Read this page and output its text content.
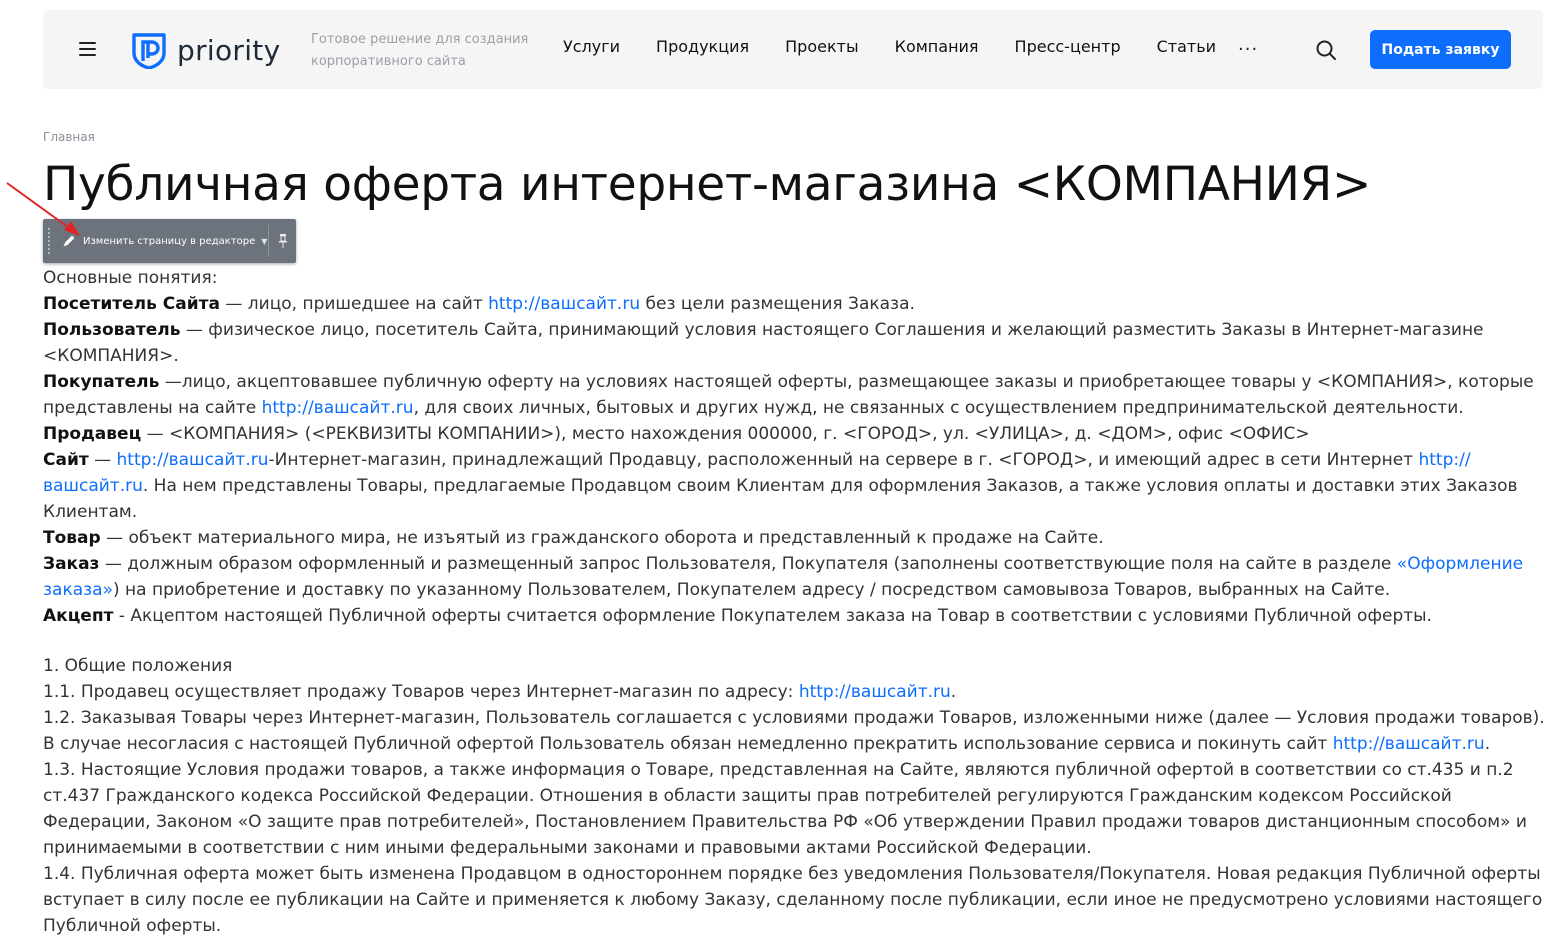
priority Готовое решение для создания корпоративного сайта
Услуги Продукция Проекты Компания Пресс-центр Статьи ···	Подать заявку
Главная
Публичная оферта интернет-магазина <КОМПАНИЯ>
Изменить страницу в редакторе ▼

Основные понятия:

Посетитель Сайта — лицо, пришедшее на сайт http://вашсайт.ru без цели размещения Заказа.

Пользователь — физическое лицо, посетитель Сайта, принимающий условия настоящего Соглашения и желающий разместить Заказы в Интернет-магазине <КОМПАНИЯ>.

Покупатель —лицо, акцептовавшее публичную оферту на условиях настоящей оферты, размещающее заказы и приобретающее товары у <КОМПАНИЯ>, которые представлены на сайте http://вашсайт.ru, для своих личных, бытовых и других нужд, не связанных с осуществлением предпринимательской деятельности.

Продавец — <КОМПАНИЯ> (<РЕКВИЗИТЫ КОМПАНИИ>), место нахождения 000000, г. <ГОРОД>, ул. <УЛИЦА>, д. <ДОМ>, офис <ОФИС>

Сайт — http://вашсайт.ru-Интернет-магазин, принадлежащий Продавцу, расположенный на сервере в г. <ГОРОД>, и имеющий адрес в сети Интернет http://вашсайт.ru. На нем представлены Товары, предлагаемые Продавцом своим Клиентам для оформления Заказов, а также условия оплаты и доставки этих Заказов Клиентам.

Товар — объект материального мира, не изъятый из гражданского оборота и представленный к продаже на Сайте.

Заказ — должным образом оформленный и размещенный запрос Пользователя, Покупателя (заполнены соответствующие поля на сайте в разделе «Оформление заказа») на приобретение и доставку по указанному Пользователем, Покупателем адресу / посредством самовывоза Товаров, выбранных на Сайте.

Акцепт - Акцептом настоящей Публичной оферты считается оформление Покупателем заказа на Товар в соответствии с условиями Публичной оферты.

1. Общие положения

1.1. Продавец осуществляет продажу Товаров через Интернет-магазин по адресу: http://вашсайт.ru.

1.2. Заказывая Товары через Интернет-магазин, Пользователь соглашается с условиями продажи Товаров, изложенными ниже (далее — Условия продажи товаров). В случае несогласия с настоящей Публичной офертой Пользователь обязан немедленно прекратить использование сервиса и покинуть сайт http://вашсайт.ru.

1.3. Настоящие Условия продажи товаров, а также информация о Товаре, представленная на Сайте, являются публичной офертой в соответствии со ст.435 и п.2 ст.437 Гражданского кодекса Российской Федерации. Отношения в области защиты прав потребителей регулируются Гражданским кодексом Российской Федерации, Законом «О защите прав потребителей», Постановлением Правительства РФ «Об утверждении Правил продажи товаров дистанционным способом» и принимаемыми в соответствии с ним иными федеральными законами и правовыми актами Российской Федерации.

1.4. Публичная оферта может быть изменена Продавцом в одностороннем порядке без уведомления Пользователя/Покупателя. Новая редакция Публичной оферты вступает в силу после ее публикации на Сайте и применяется к любому Заказу, сделанному после публикации, если иное не предусмотрено условиями настоящего Публичной оферты.
